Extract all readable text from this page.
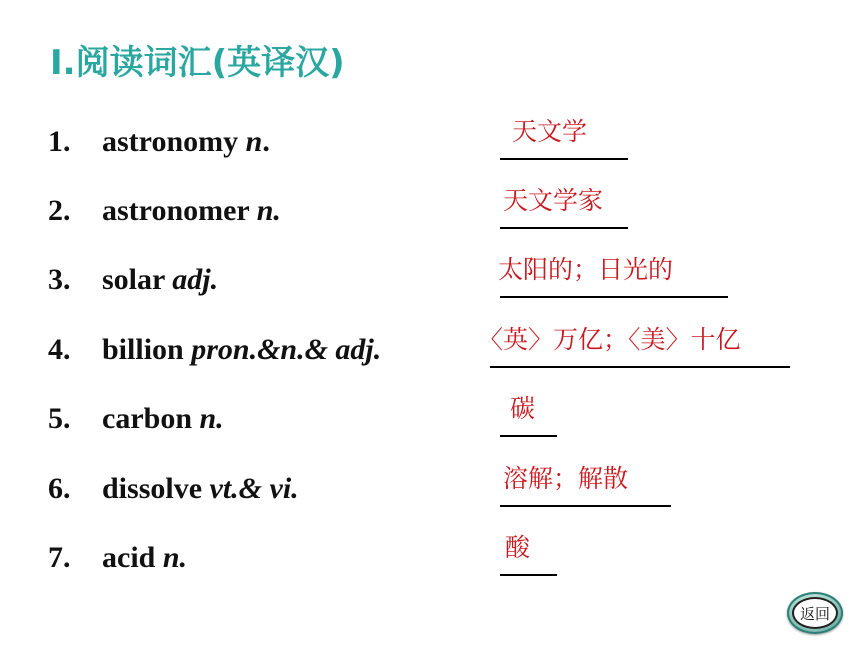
Ⅰ.阅读词汇(英译汉)
1. astronomy n.	天文学
2. astronomer n.	天文学家
3. solar adj.	太阳的；日光的
4. billion pron.&n.& adj.	〈英〉万亿；〈美〉十亿
5. carbon n.	碳
6. dissolve vt.& vi.	溶解；解散
7. acid n.	酸
返回
